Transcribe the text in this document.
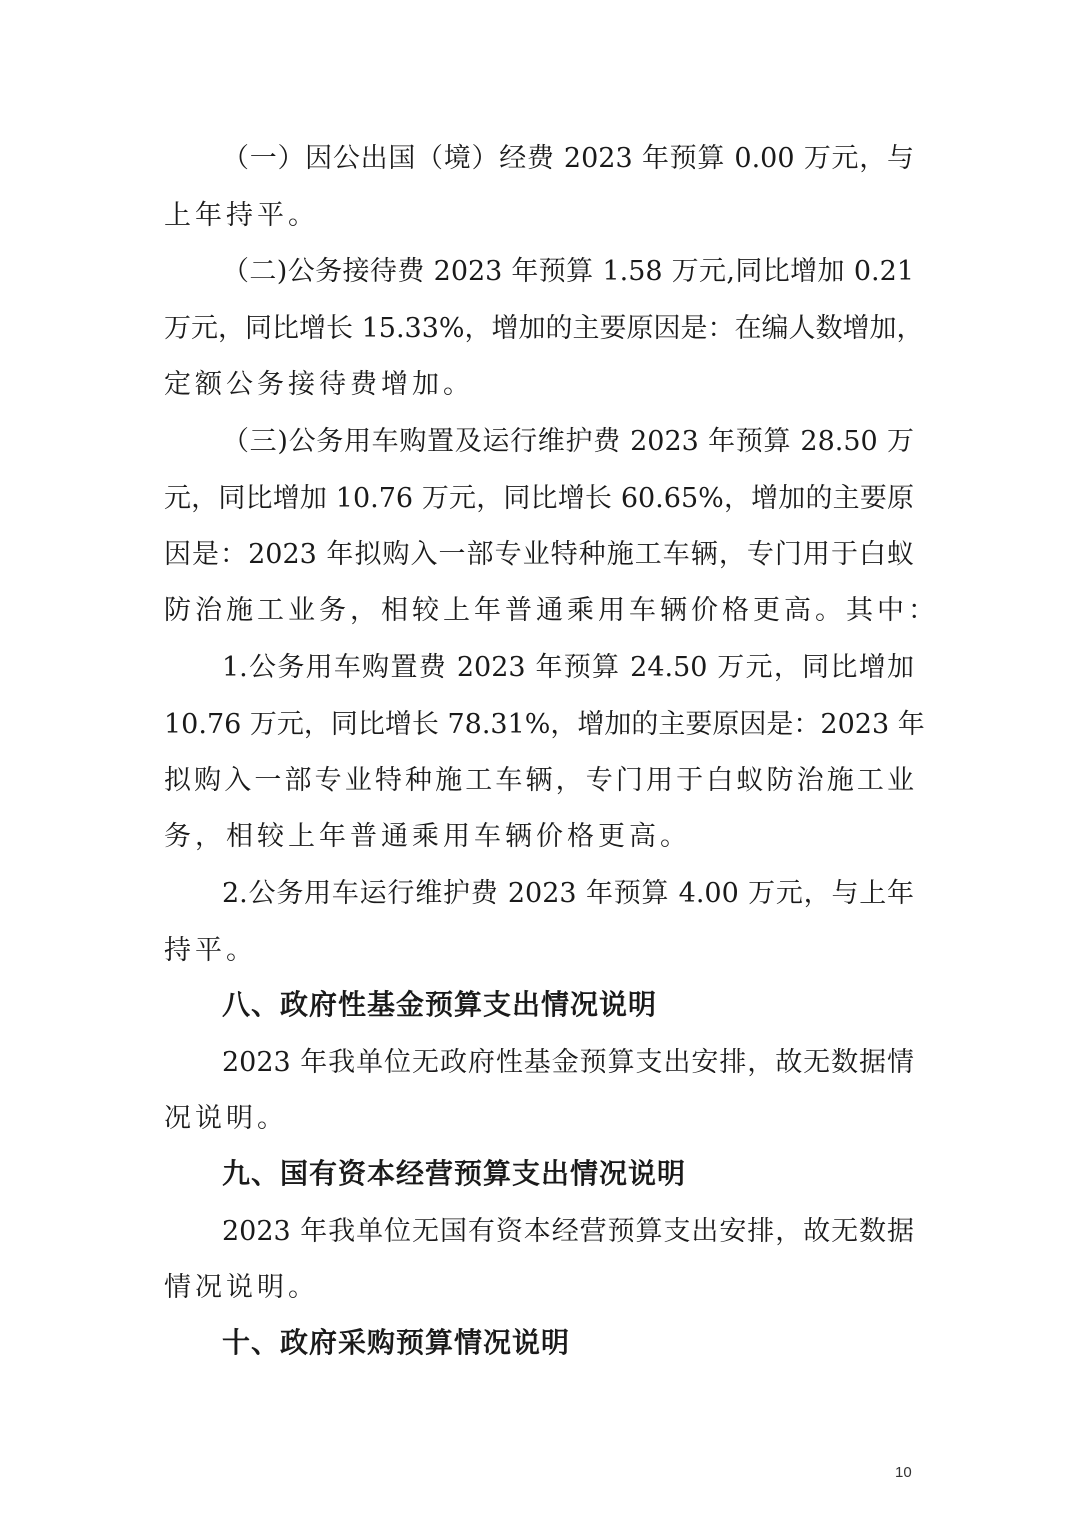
（一）因公出国（境）经费 2023 年预算 0.00 万元，与
上年持平。
（二)公务接待费 2023 年预算 1.58 万元,同比增加 0.21
万元，同比增长 15.33%，增加的主要原因是：在编人数增加，
定额公务接待费增加。
（三)公务用车购置及运行维护费 2023 年预算 28.50 万
元，同比增加 10.76 万元，同比增长 60.65%，增加的主要原
因是：2023 年拟购入一部专业特种施工车辆，专门用于白蚁
防治施工业务，相较上年普通乘用车辆价格更高。其中：
1.公务用车购置费 2023 年预算 24.50 万元，同比增加
10.76 万元，同比增长 78.31%，增加的主要原因是：2023 年
拟购入一部专业特种施工车辆，专门用于白蚁防治施工业
务，相较上年普通乘用车辆价格更高。
2.公务用车运行维护费 2023 年预算 4.00 万元，与上年
持平。
八、政府性基金预算支出情况说明
2023 年我单位无政府性基金预算支出安排，故无数据情
况说明。
九、国有资本经营预算支出情况说明
2023 年我单位无国有资本经营预算支出安排，故无数据
情况说明。
十、政府采购预算情况说明
10
